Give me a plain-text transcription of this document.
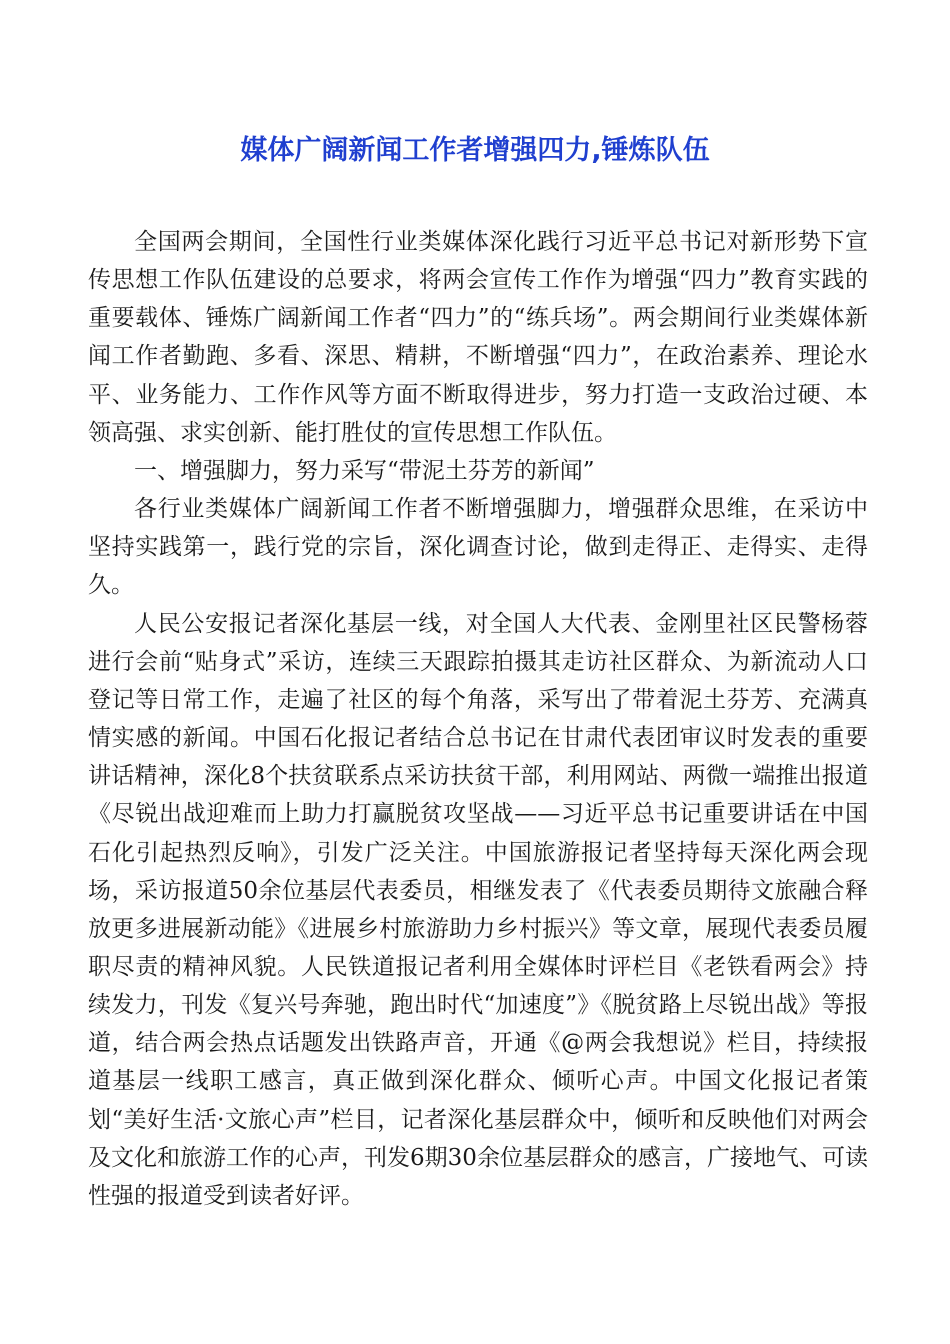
媒体广阔新闻工作者增强四力,锤炼队伍

全国两会期间，全国性行业类媒体深化践行习近平总书记对新形势下宣传思想工作队伍建设的总要求，将两会宣传工作作为增强“四力”教育实践的重要载体、锤炼广阔新闻工作者“四力”的“练兵场”。两会期间行业类媒体新闻工作者勤跑、多看、深思、精耕，不断增强“四力”，在政治素养、理论水平、业务能力、工作作风等方面不断取得进步，努力打造一支政治过硬、本领高强、求实创新、能打胜仗的宣传思想工作队伍。

一、增强脚力，努力采写“带泥土芬芳的新闻”

各行业类媒体广阔新闻工作者不断增强脚力，增强群众思维，在采访中坚持实践第一，践行党的宗旨，深化调查讨论，做到走得正、走得实、走得久。

人民公安报记者深化基层一线，对全国人大代表、金刚里社区民警杨蓉进行会前“贴身式”采访，连续三天跟踪拍摄其走访社区群众、为新流动人口登记等日常工作，走遍了社区的每个角落，采写出了带着泥土芬芳、充满真情实感的新闻。中国石化报记者结合总书记在甘肃代表团审议时发表的重要讲话精神，深化8个扶贫联系点采访扶贫干部，利用网站、两微一端推出报道《尽锐出战迎难而上助力打赢脱贫攻坚战——习近平总书记重要讲话在中国石化引起热烈反响》，引发广泛关注。中国旅游报记者坚持每天深化两会现场，采访报道50余位基层代表委员，相继发表了《代表委员期待文旅融合释放更多进展新动能》《进展乡村旅游助力乡村振兴》等文章，展现代表委员履职尽责的精神风貌。人民铁道报记者利用全媒体时评栏目《老铁看两会》持续发力，刊发《复兴号奔驰，跑出时代“加速度”》《脱贫路上尽锐出战》等报道，结合两会热点话题发出铁路声音，开通《@两会我想说》栏目，持续报道基层一线职工感言，真正做到深化群众、倾听心声。中国文化报记者策划“美好生活·文旅心声”栏目，记者深化基层群众中，倾听和反映他们对两会及文化和旅游工作的心声，刊发6期30余位基层群众的感言，广接地气、可读性强的报道受到读者好评。
